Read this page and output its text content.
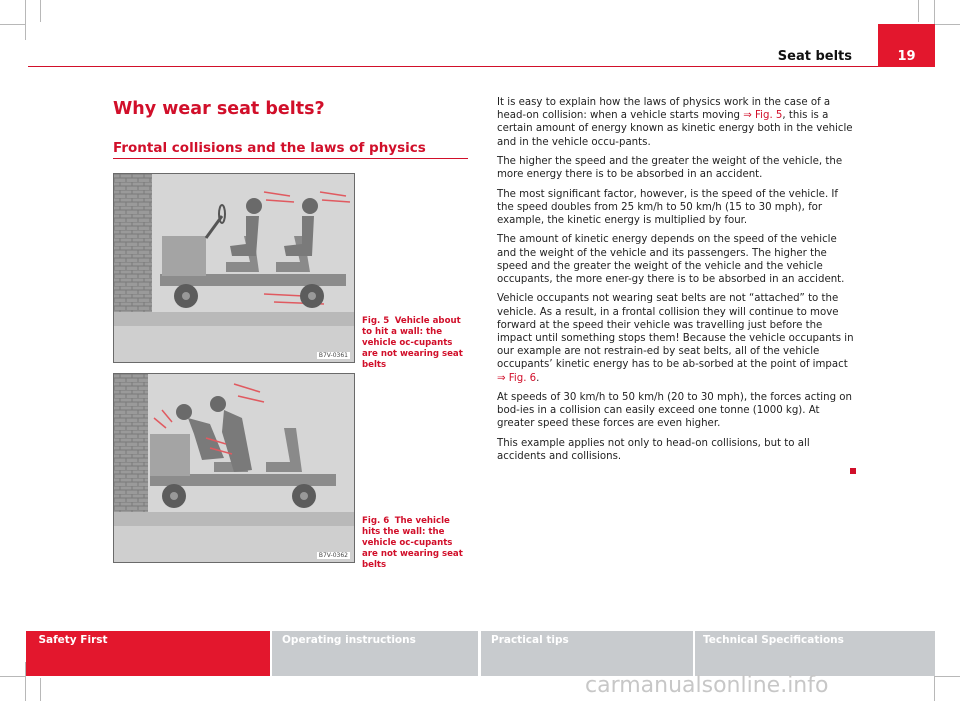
19
Seat belts
Why wear seat belts?
Frontal collisions and the laws of physics
B7V-0361
Fig. 5 Vehicle about to hit a wall: the vehicle oc-cupants are not wearing seat belts
B7V-0362
Fig. 6 The vehicle hits the wall: the vehicle oc-cupants are not wearing seat belts

It is easy to explain how the laws of physics work in the case of a head-on collision: when a vehicle starts moving ⇒ Fig. 5, this is a certain amount of energy known as kinetic energy both in the vehicle and in the vehicle occu-pants.

The higher the speed and the greater the weight of the vehicle, the more energy there is to be absorbed in an accident.

The most significant factor, however, is the speed of the vehicle. If the speed doubles from 25 km/h to 50 km/h (15 to 30 mph), for example, the kinetic energy is multiplied by four.

The amount of kinetic energy depends on the speed of the vehicle and the weight of the vehicle and its passengers. The higher the speed and the greater the weight of the vehicle and the vehicle occupants, the more ener-gy there is to be absorbed in an accident.

Vehicle occupants not wearing seat belts are not “attached” to the vehicle. As a result, in a frontal collision they will continue to move forward at the speed their vehicle was travelling just before the impact until something stops them! Because the vehicle occupants in our example are not restrain-ed by seat belts, all of the vehicle occupants’ kinetic energy has to be ab-sorbed at the point of impact ⇒ Fig. 6.

At speeds of 30 km/h to 50 km/h (20 to 30 mph), the forces acting on bod-ies in a collision can easily exceed one tonne (1000 kg). At greater speed these forces are even higher.

This example applies not only to head-on collisions, but to all accidents and collisions.

Safety First	Operating instructions	Practical tips	Technical Specifications
carmanualsonline.info
